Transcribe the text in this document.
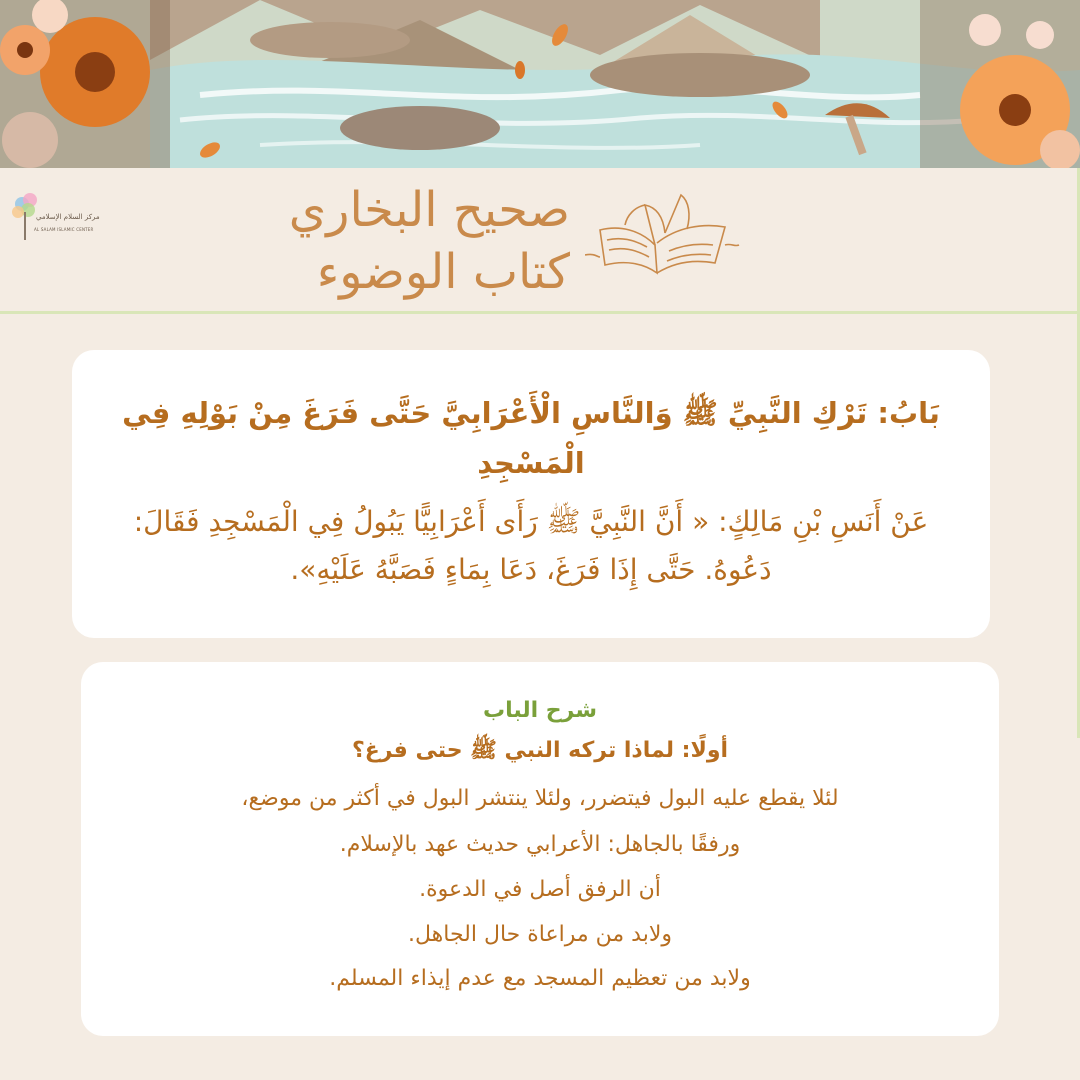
مركز السلام الإسلامي
AL SALAM ISLAMIC CENTER	صحيح البخاري
كتاب الوضوء
بَابُ: تَرْكِ النَّبِيِّ ﷺ وَالنَّاسِ الْأَعْرَابِيَّ حَتَّى فَرَغَ مِنْ بَوْلِهِ فِي الْمَسْجِدِ
عَنْ أَنَسِ بْنِ مَالِكٍ: « أَنَّ النَّبِيَّ ﷺ رَأَى أَعْرَابِيًّا يَبُولُ فِي الْمَسْجِدِ فَقَالَ: دَعُوهُ. حَتَّى إِذَا فَرَغَ، دَعَا بِمَاءٍ فَصَبَّهُ عَلَيْهِ».
شرح الباب
أولًا: لماذا تركه النبي ﷺ حتى فرغ؟
لئلا يقطع عليه البول فيتضرر، ولئلا ينتشر البول في أكثر من موضع،
ورفقًا بالجاهل: الأعرابي حديث عهد بالإسلام.
أن الرفق أصل في الدعوة.
ولابد من مراعاة حال الجاهل.
ولابد من تعظيم المسجد مع عدم إيذاء المسلم.
